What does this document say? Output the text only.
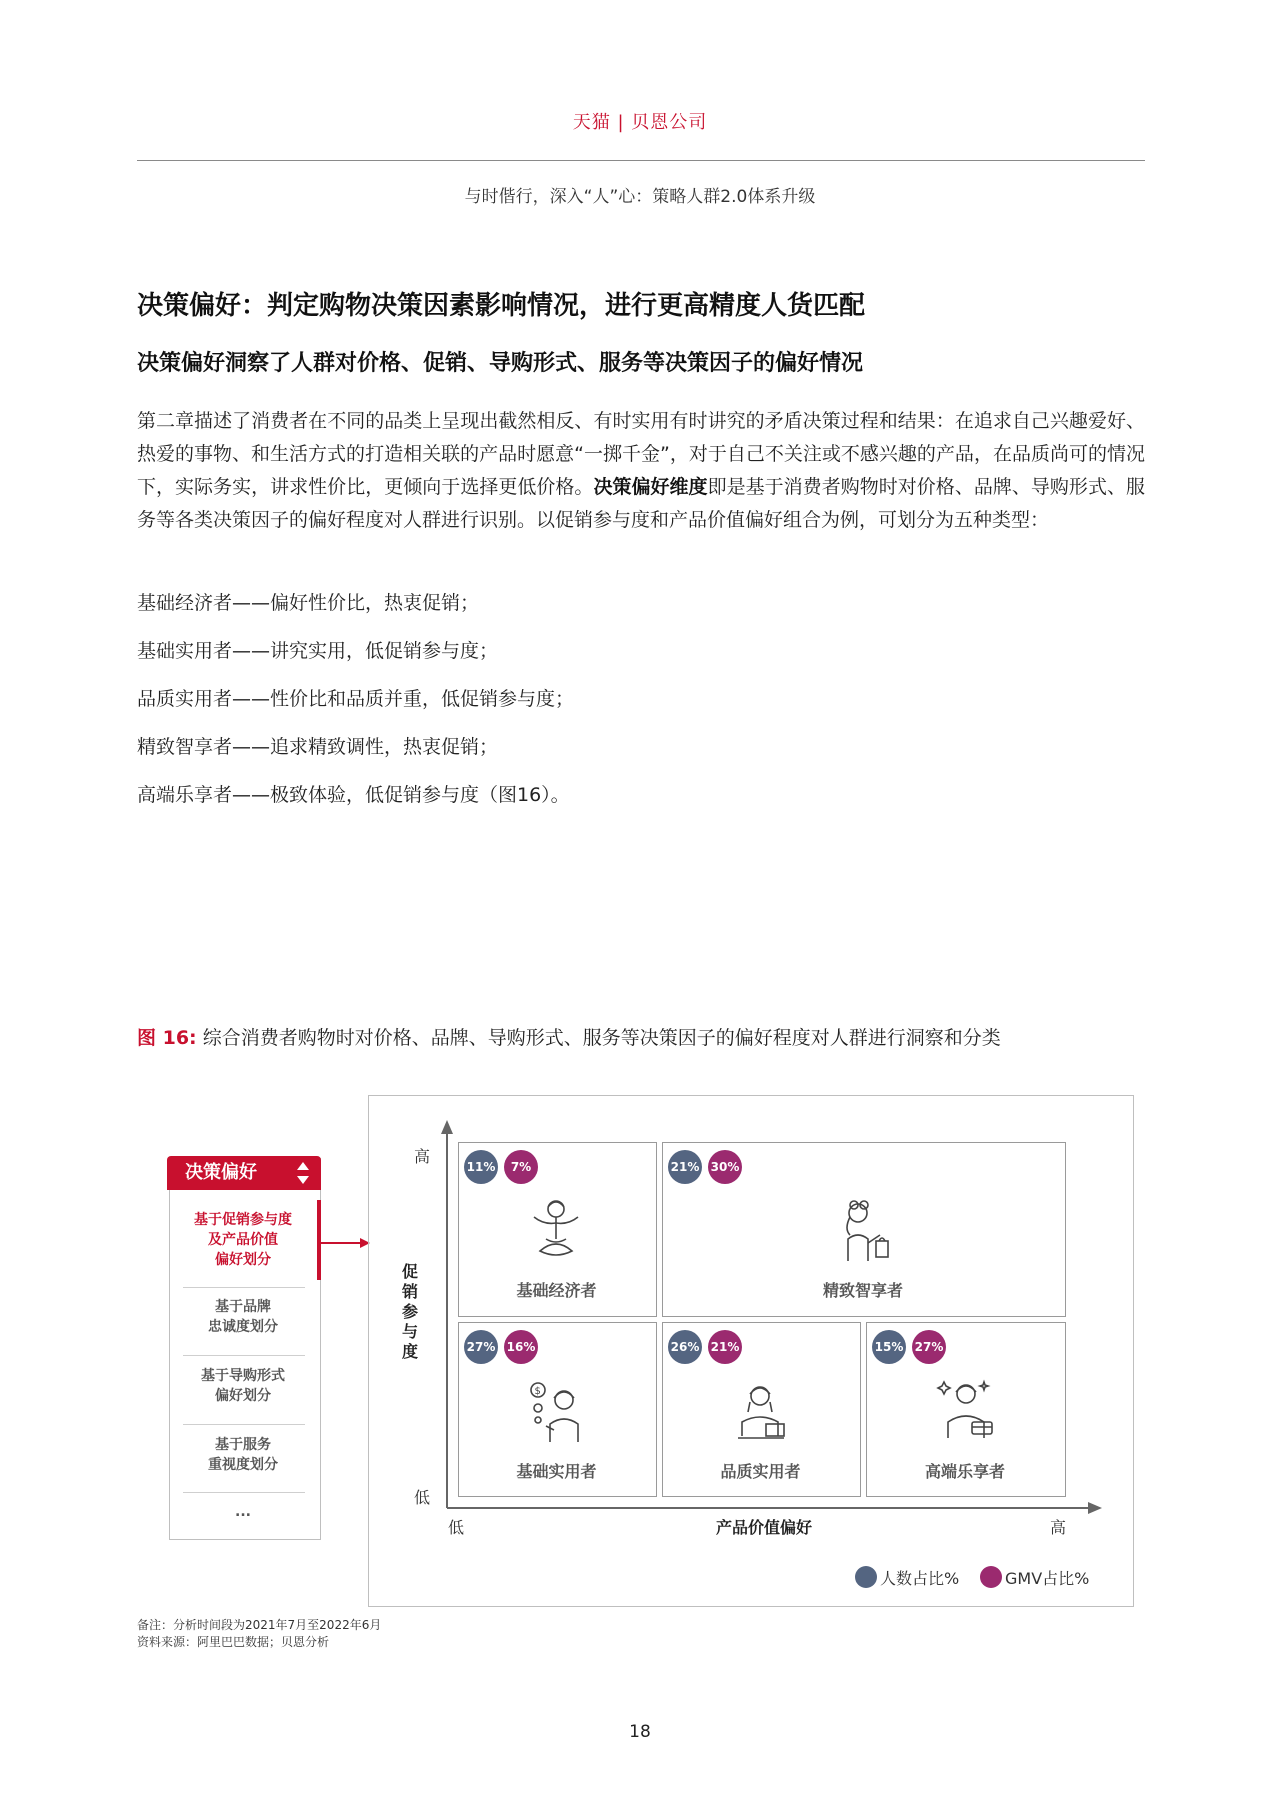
天猫 | 贝恩公司
与时偕行，深入“人”心：策略人群2.0体系升级
决策偏好：判定购物决策因素影响情况，进行更高精度人货匹配
决策偏好洞察了人群对价格、促销、导购形式、服务等决策因子的偏好情况
第二章描述了消费者在不同的品类上呈现出截然相反、有时实用有时讲究的矛盾决策过程和结果：在追求自己兴趣爱好、热爱的事物、和生活方式的打造相关联的产品时愿意“一掷千金”，对于自己不关注或不感兴趣的产品，在品质尚可的情况下，实际务实，讲求性价比，更倾向于选择更低价格。决策偏好维度即是基于消费者购物时对价格、品牌、导购形式、服务等各类决策因子的偏好程度对人群进行识别。以促销参与度和产品价值偏好组合为例，可划分为五种类型：
基础经济者——偏好性价比，热衷促销；
基础实用者——讲究实用，低促销参与度；
品质实用者——性价比和品质并重，低促销参与度；
精致智享者——追求精致调性，热衷促销；
高端乐享者——极致体验，低促销参与度（图16）。
图 16: 综合消费者购物时对价格、品牌、导购形式、服务等决策因子的偏好程度对人群进行洞察和分类
决策偏好
基于促销参与度
及产品价值
偏好划分
基于品牌
忠诚度划分
基于导购形式
偏好划分
基于服务
重视度划分
...
高
低
促销参与度
低	产品价值偏好	高
11%	7%
基础经济者
21% 30%
精致智享者
27% 16%
$
基础实用者
26% 21%
品质实用者
15% 27%
高端乐享者
人数占比%	GMV占比%
备注：分析时间段为2021年7月至2022年6月
资料来源：阿里巴巴数据；贝恩分析
18
